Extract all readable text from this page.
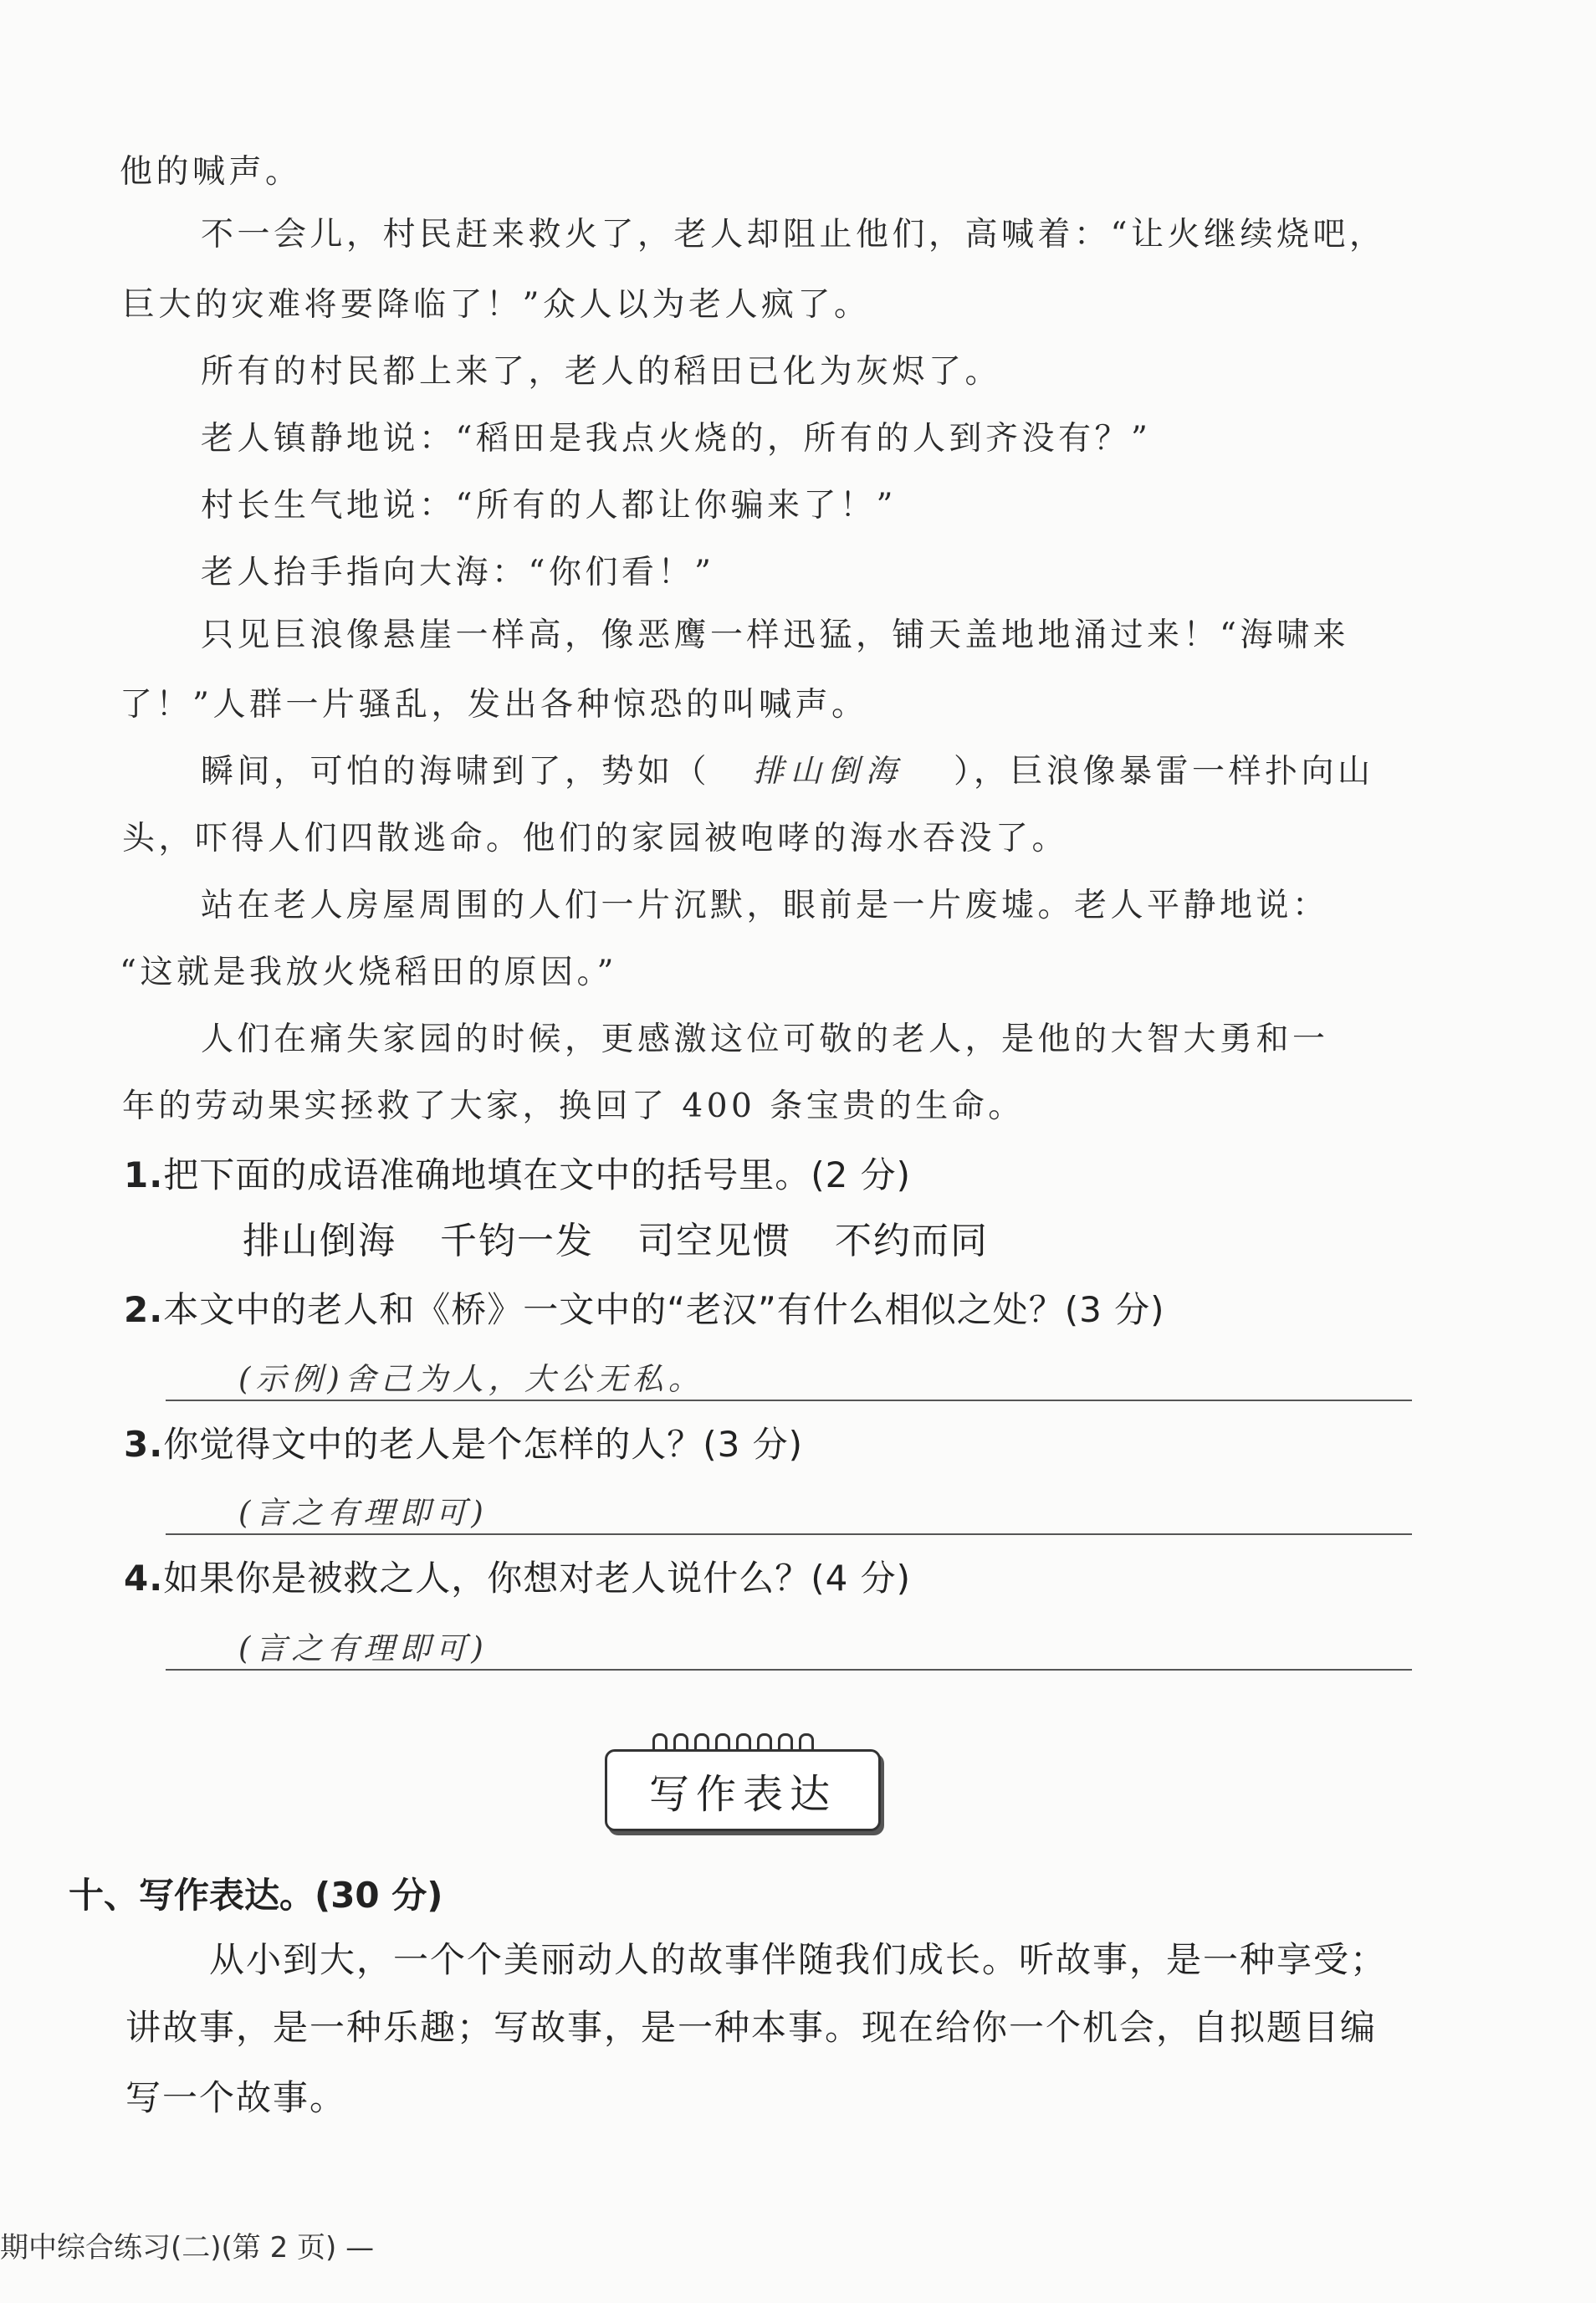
他的喊声。
不一会儿，村民赶来救火了，老人却阻止他们，高喊着：“让火继续烧吧，
巨大的灾难将要降临了！”众人以为老人疯了。
所有的村民都上来了，老人的稻田已化为灰烬了。
老人镇静地说：“稻田是我点火烧的，所有的人到齐没有？”
村长生气地说：“所有的人都让你骗来了！”
老人抬手指向大海：“你们看！”
只见巨浪像悬崖一样高，像恶鹰一样迅猛，铺天盖地地涌过来！“海啸来
了！”人群一片骚乱，发出各种惊恐的叫喊声。
瞬间，可怕的海啸到了，势如（ 排山倒海 ），巨浪像暴雷一样扑向山
头，吓得人们四散逃命。他们的家园被咆哮的海水吞没了。
站在老人房屋周围的人们一片沉默，眼前是一片废墟。老人平静地说：
“这就是我放火烧稻田的原因。”
人们在痛失家园的时候，更感激这位可敬的老人，是他的大智大勇和一
年的劳动果实拯救了大家，换回了 400 条宝贵的生命。
1.把下面的成语准确地填在文中的括号里。(2 分)
排山倒海 千钧一发 司空见惯 不约而同
2.本文中的老人和《桥》一文中的“老汉”有什么相似之处？(3 分)
(示例)舍己为人，大公无私。
3.你觉得文中的老人是个怎样的人？(3 分)
(言之有理即可)
4.如果你是被救之人，你想对老人说什么？(4 分)
(言之有理即可)
写作表达
十、写作表达。(30 分)
从小到大，一个个美丽动人的故事伴随我们成长。听故事，是一种享受；
讲故事，是一种乐趣；写故事，是一种本事。现在给你一个机会，自拟题目编
写一个故事。
期中综合练习(二)(第 2 页) —
